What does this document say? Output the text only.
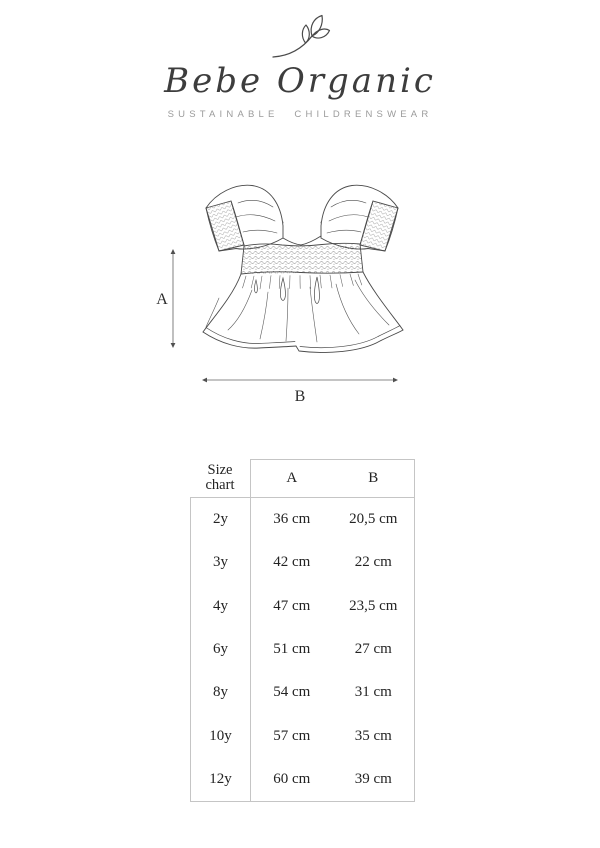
Bebe Organic
SUSTAINABLE CHILDRENSWEAR
A
B
Size chart	A	B
2y	36 cm	20,5 cm
3y	42 cm	22 cm
4y	47 cm	23,5 cm
6y	51 cm	27 cm
8y	54 cm	31 cm
10y	57 cm	35 cm
12y	60 cm	39 cm
